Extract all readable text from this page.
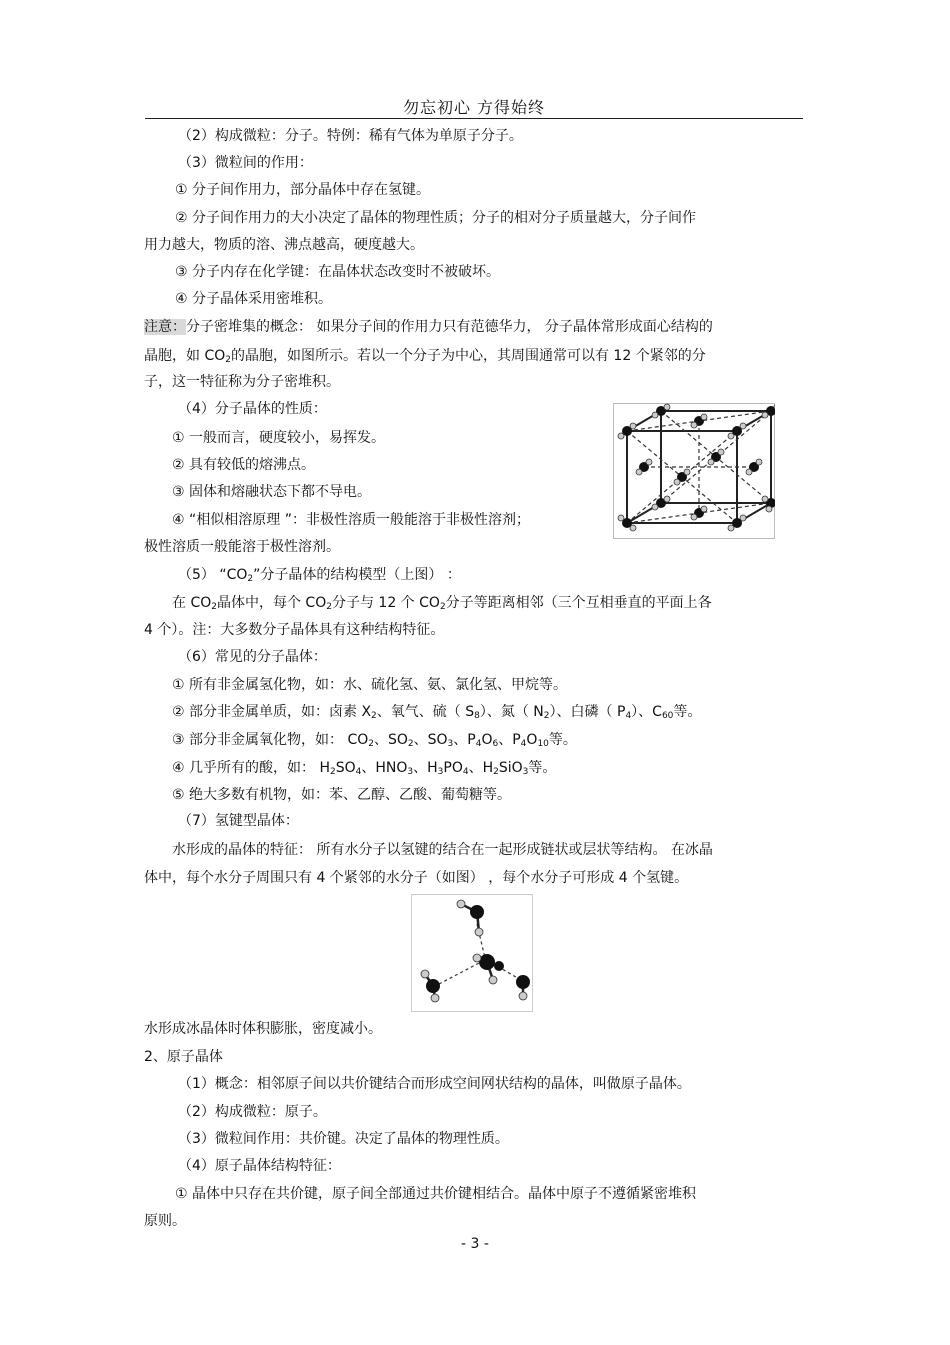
勿忘初心 方得始终
（2）构成微粒：分子。特例：稀有气体为单原子分子。
（3）微粒间的作用：
① 分子间作用力，部分晶体中存在氢键。
② 分子间作用力的大小决定了晶体的物理性质；分子的相对分子质量越大，分子间作
用力越大，物质的溶、沸点越高，硬度越大。
③ 分子内存在化学键：在晶体状态改变时不被破坏。
④ 分子晶体采用密堆积。
注意：分子密堆集的概念： 如果分子间的作用力只有范德华力， 分子晶体常形成面心结构的
晶胞，如 $CO_2$的晶胞，如图所示。若以一个分子为中心，其周围通常可以有 12 个紧邻的分
子，这一特征称为分子密堆积。
（4）分子晶体的性质：
① 一般而言，硬度较小，易挥发。
② 具有较低的熔沸点。
③ 固体和熔融状态下都不导电。
④ “相似相溶原理 ”：非极性溶质一般能溶于非极性溶剂；
极性溶质一般能溶于极性溶剂。
（5） “$CO_2$”分子晶体的结构模型（上图） ：
在 $CO_2$晶体中，每个 $CO_2$分子与 12 个 $CO_2$分子等距离相邻（三个互相垂直的平面上各
4 个）。注：大多数分子晶体具有这种结构特征。
（6）常见的分子晶体：
① 所有非金属氢化物，如：水、硫化氢、氨、氯化氢、甲烷等。
② 部分非金属单质，如：卤素 $X_2$、氧气、硫（ $S_8$）、氮（ $N_2$）、白磷（ $P_4$）、$C_{60}$等。
③ 部分非金属氧化物，如： $CO_2$、$SO_2$、$SO_3$、$P_4O_6$、$P_4O_{10}$等。
④ 几乎所有的酸，如： $H_2SO_4$、$HNO_3$、$H_3PO_4$、$H_2SiO_3$等。
⑤ 绝大多数有机物，如：苯、乙醇、乙酸、葡萄糖等。
（7）氢键型晶体：
水形成的晶体的特征： 所有水分子以氢键的结合在一起形成链状或层状等结构。 在冰晶
体中，每个水分子周围只有 4 个紧邻的水分子（如图） ，每个水分子可形成 4 个氢键。
水形成冰晶体时体积膨胀，密度减小。
2、原子晶体
（1）概念：相邻原子间以共价键结合而形成空间网状结构的晶体，叫做原子晶体。
（2）构成微粒：原子。
（3）微粒间作用：共价键。决定了晶体的物理性质。
（4）原子晶体结构特征：
① 晶体中只存在共价键，原子间全部通过共价键相结合。晶体中原子不遵循紧密堆积
原则。
- 3 -
